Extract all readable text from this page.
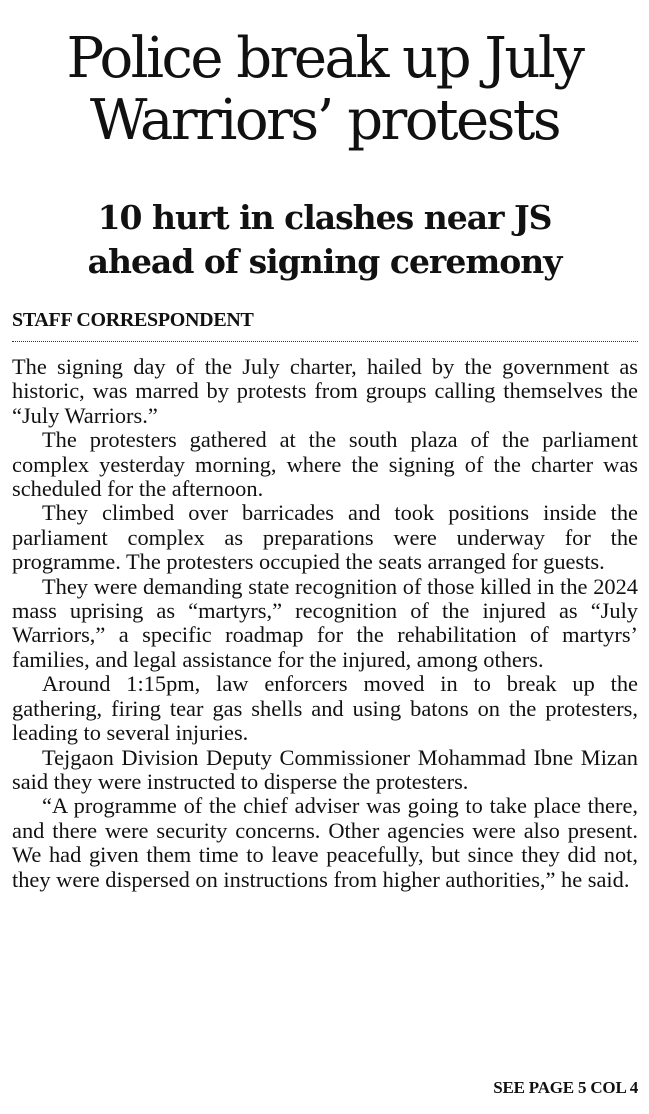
Police break up July
Warriors’ protests
10 hurt in clashes near JS
ahead of signing ceremony
STAFF CORRESPONDENT

The signing day of the July charter, hailed by the government as historic, was marred by protests from groups calling themselves the “July Warriors.”

The protesters gathered at the south plaza of the parliament complex yesterday morning, where the signing of the charter was scheduled for the afternoon.

They climbed over barricades and took positions inside the parliament complex as preparations were underway for the programme. The protesters occupied the seats arranged for guests.

They were demanding state recognition of those killed in the 2024 mass uprising as “martyrs,” recognition of the injured as “July Warriors,” a specific roadmap for the rehabilitation of martyrs’ families, and legal assistance for the injured, among others.

Around 1:15pm, law enforcers moved in to break up the gathering, firing tear gas shells and using batons on the protesters, leading to several injuries.

Tejgaon Division Deputy Commissioner Mohammad Ibne Mizan said they were instructed to disperse the protesters.

“A programme of the chief adviser was going to take place there, and there were security concerns. Other agencies were also present. We had given them time to leave peacefully, but since they did not, they were dispersed on instructions from higher authorities,” he said.

SEE PAGE 5 COL 4
